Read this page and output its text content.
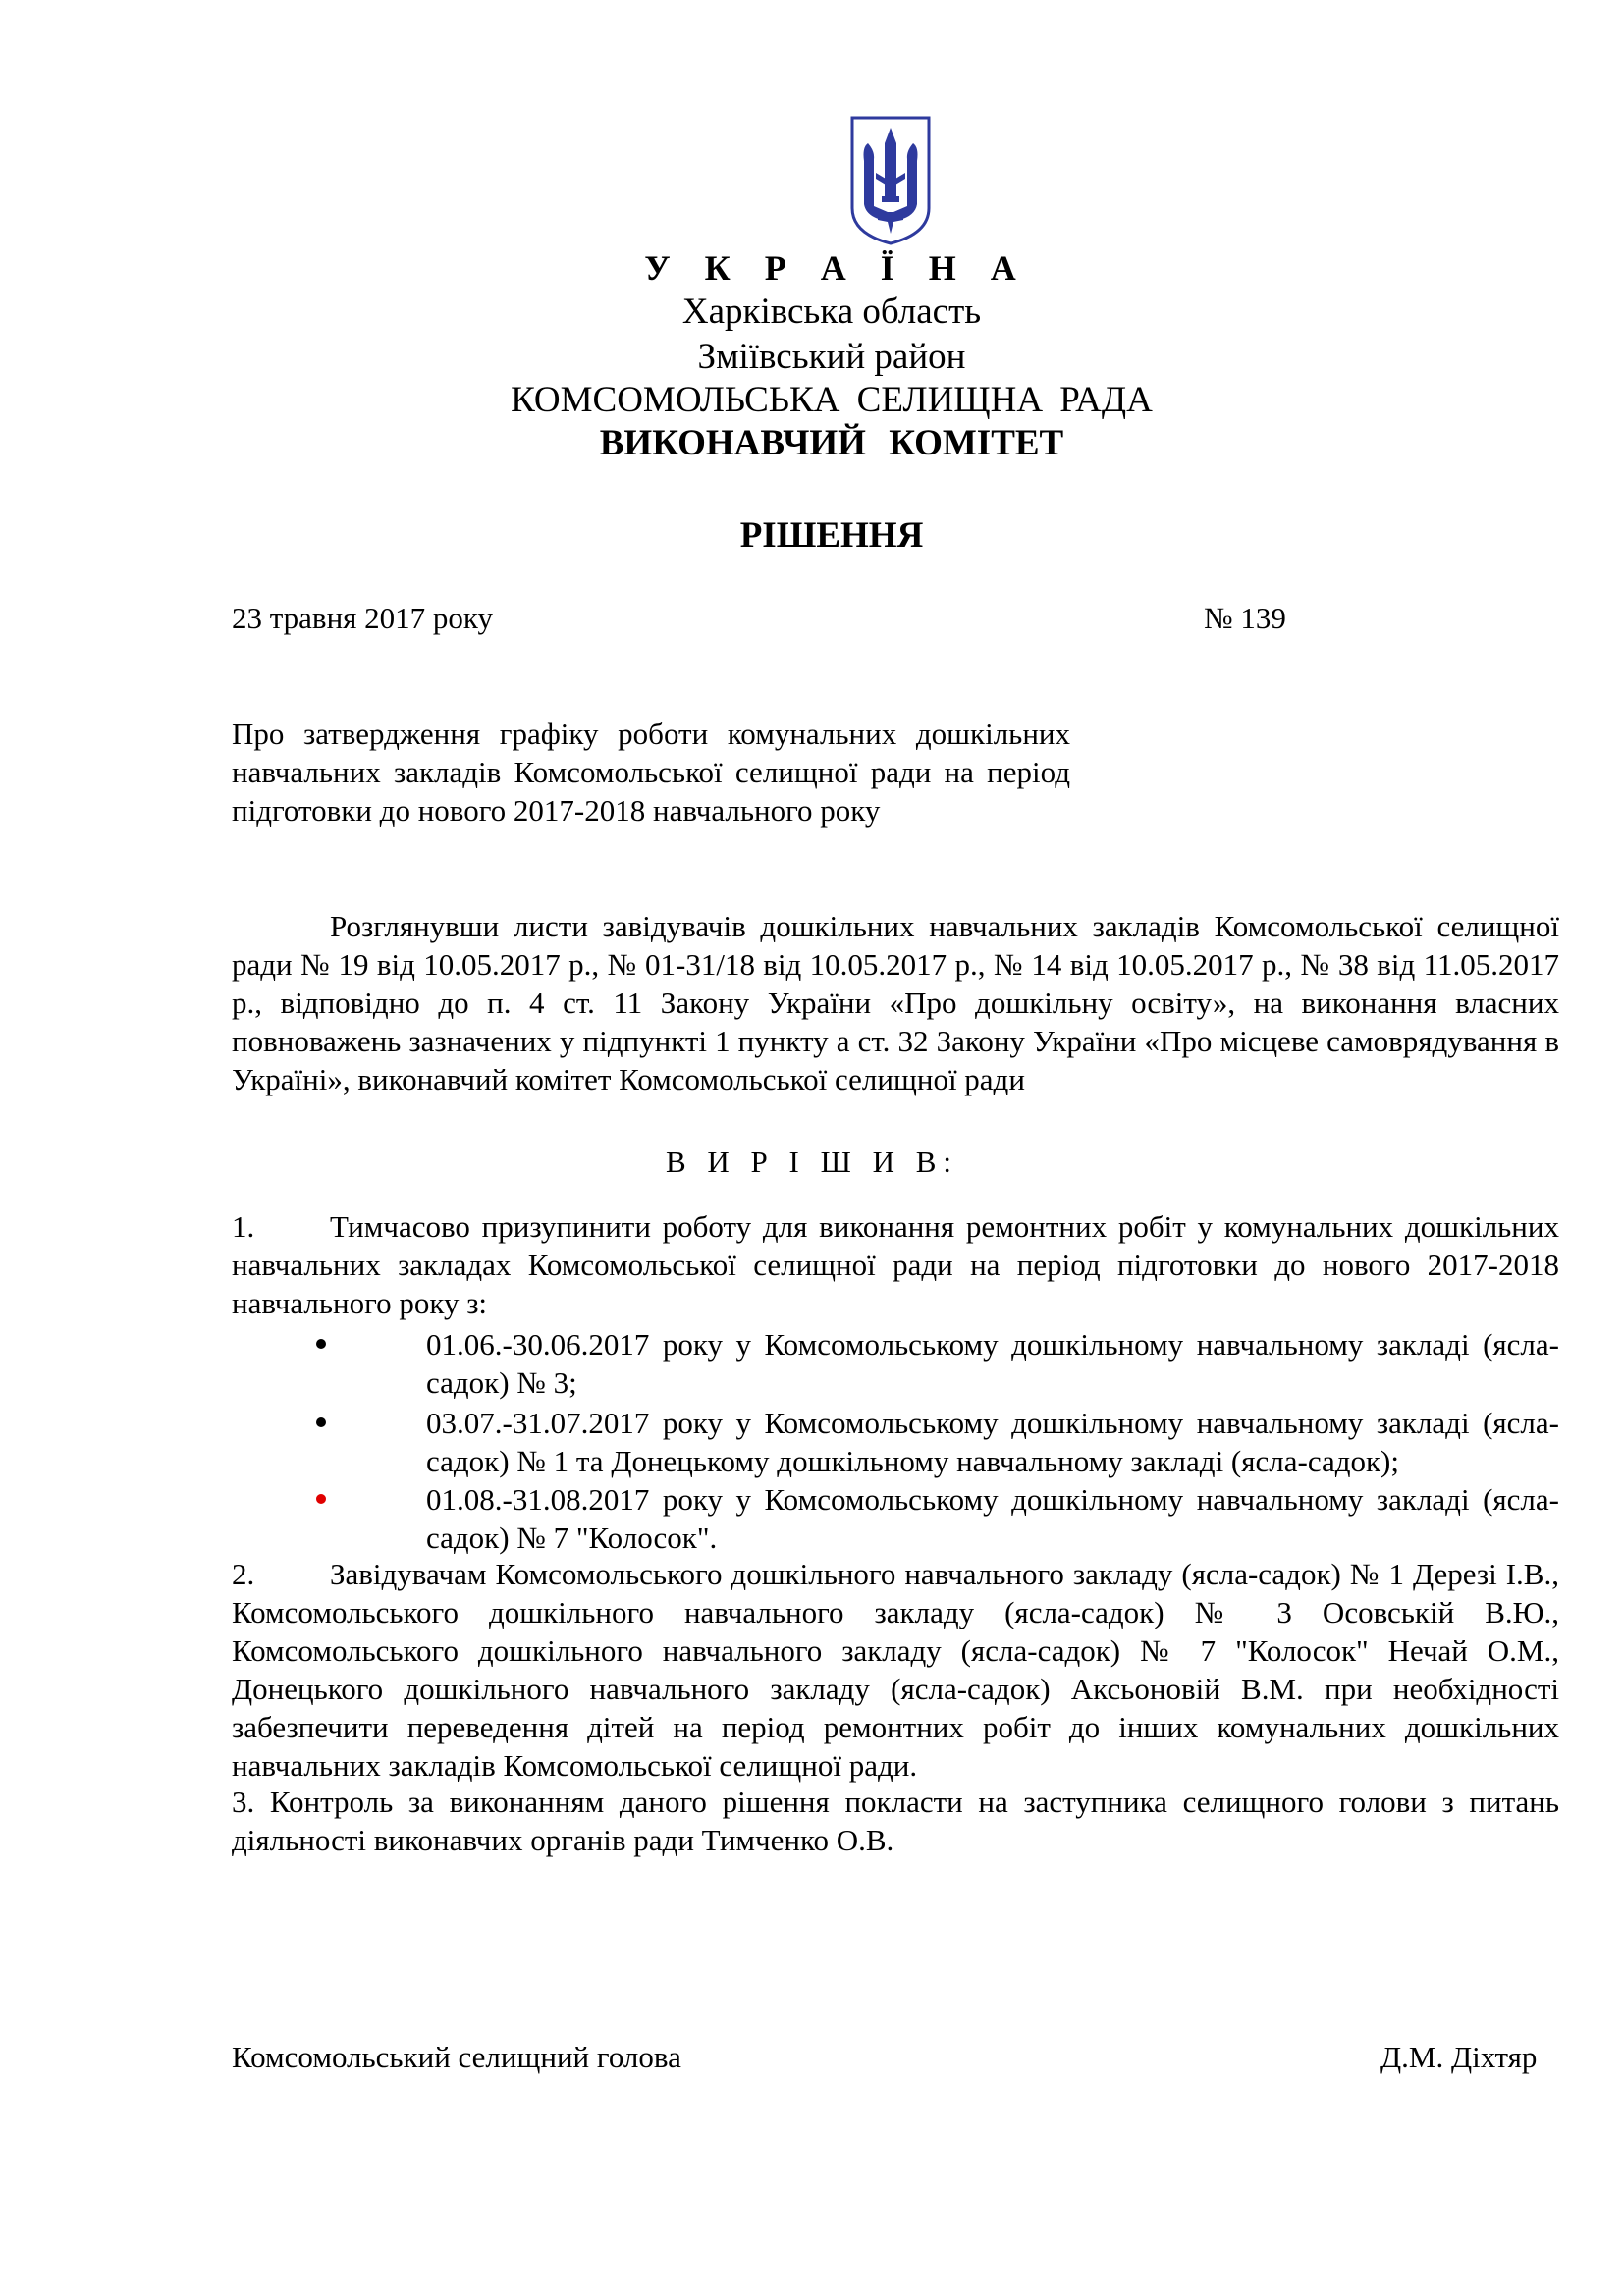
У К Р А Ї Н А
Харківська область
Зміївський район
КОМСОМОЛЬСЬКА СЕЛИЩНА РАДА
ВИКОНАВЧИЙ КОМІТЕТ
РІШЕННЯ
23 травня 2017 року	№ 139
Про затвердження графіку роботи комунальних дошкільних навчальних закладів Комсомольської селищної ради на період підготовки до нового 2017-2018 навчального року
Розглянувши листи завідувачів дошкільних навчальних закладів Комсомольської селищної ради № 19 від 10.05.2017 р., № 01-31/18 від 10.05.2017 р., № 14 від 10.05.2017 р., № 38 від 11.05.2017 р., відповідно до п. 4 ст. 11 Закону України «Про дошкільну освіту», на виконання власних повноважень зазначених у підпункті 1 пункту а ст. 32 Закону України «Про місцеве самоврядування в Україні», виконавчий комітет Комсомольської селищної ради
В И Р І Ш И В:
1. Тимчасово призупинити роботу для виконання ремонтних робіт у комунальних дошкільних навчальних закладах Комсомольської селищної ради на період підготовки до нового 2017-2018 навчального року з:
01.06.-30.06.2017 року у Комсомольському дошкільному навчальному закладі (ясла-садок) № 3;
03.07.-31.07.2017 року у Комсомольському дошкільному навчальному закладі (ясла-садок) № 1 та Донецькому дошкільному навчальному закладі (ясла-садок);
01.08.-31.08.2017 року у Комсомольському дошкільному навчальному закладі (ясла-садок) № 7 "Колосок".
2. Завідувачам Комсомольського дошкільного навчального закладу (ясла-садок) № 1 Дерезі І.В., Комсомольського дошкільного навчального закладу (ясла-садок) № 3 Осовській В.Ю., Комсомольського дошкільного навчального закладу (ясла-садок) № 7 "Колосок" Нечай О.М., Донецького дошкільного навчального закладу (ясла-садок) Аксьоновій В.М. при необхідності забезпечити переведення дітей на період ремонтних робіт до інших комунальних дошкільних навчальних закладів Комсомольської селищної ради.
3. Контроль за виконанням даного рішення покласти на заступника селищного голови з питань діяльності виконавчих органів ради Тимченко О.В.
Комсомольський селищний голова	Д.М. Діхтяр
